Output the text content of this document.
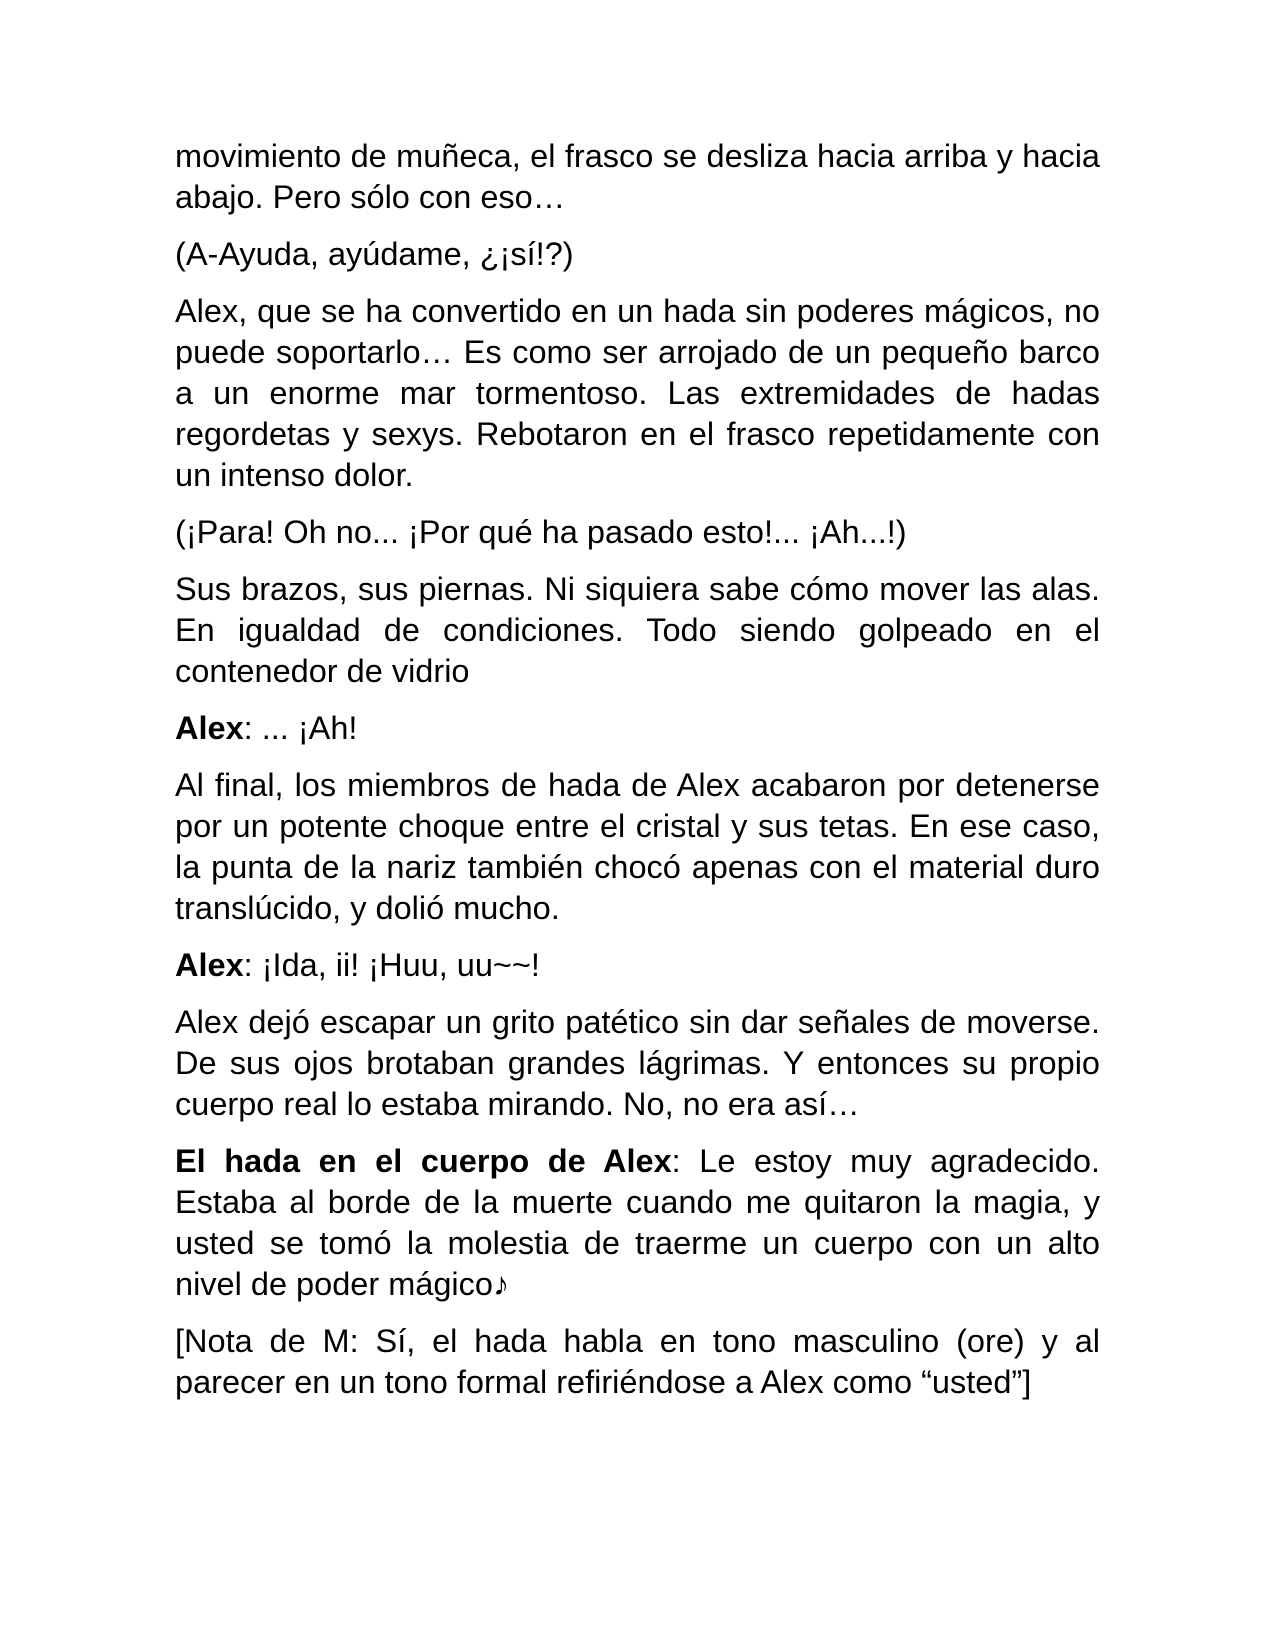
movimiento de muñeca, el frasco se desliza hacia arriba y hacia abajo. Pero sólo con eso…

(A-Ayuda, ayúdame, ¿¡sí!?)

Alex, que se ha convertido en un hada sin poderes mágicos, no puede soportarlo… Es como ser arrojado de un pequeño barco a un enorme mar tormentoso. Las extremidades de hadas regordetas y sexys. Rebotaron en el frasco repetidamente con un intenso dolor.

(¡Para! Oh no... ¡Por qué ha pasado esto!... ¡Ah...!)

Sus brazos, sus piernas. Ni siquiera sabe cómo mover las alas. En igualdad de condiciones. Todo siendo golpeado en el contenedor de vidrio

Alex: ... ¡Ah!

Al final, los miembros de hada de Alex acabaron por detenerse por un potente choque entre el cristal y sus tetas. En ese caso, la punta de la nariz también chocó apenas con el material duro translúcido, y dolió mucho.

Alex: ¡Ida, ii! ¡Huu, uu~~!

Alex dejó escapar un grito patético sin dar señales de moverse. De sus ojos brotaban grandes lágrimas. Y entonces su propio cuerpo real lo estaba mirando. No, no era así…

El hada en el cuerpo de Alex: Le estoy muy agradecido. Estaba al borde de la muerte cuando me quitaron la magia, y usted se tomó la molestia de traerme un cuerpo con un alto nivel de poder mágico♪

[Nota de M: Sí, el hada habla en tono masculino (ore) y al parecer en un tono formal refiriéndose a Alex como “usted”]
